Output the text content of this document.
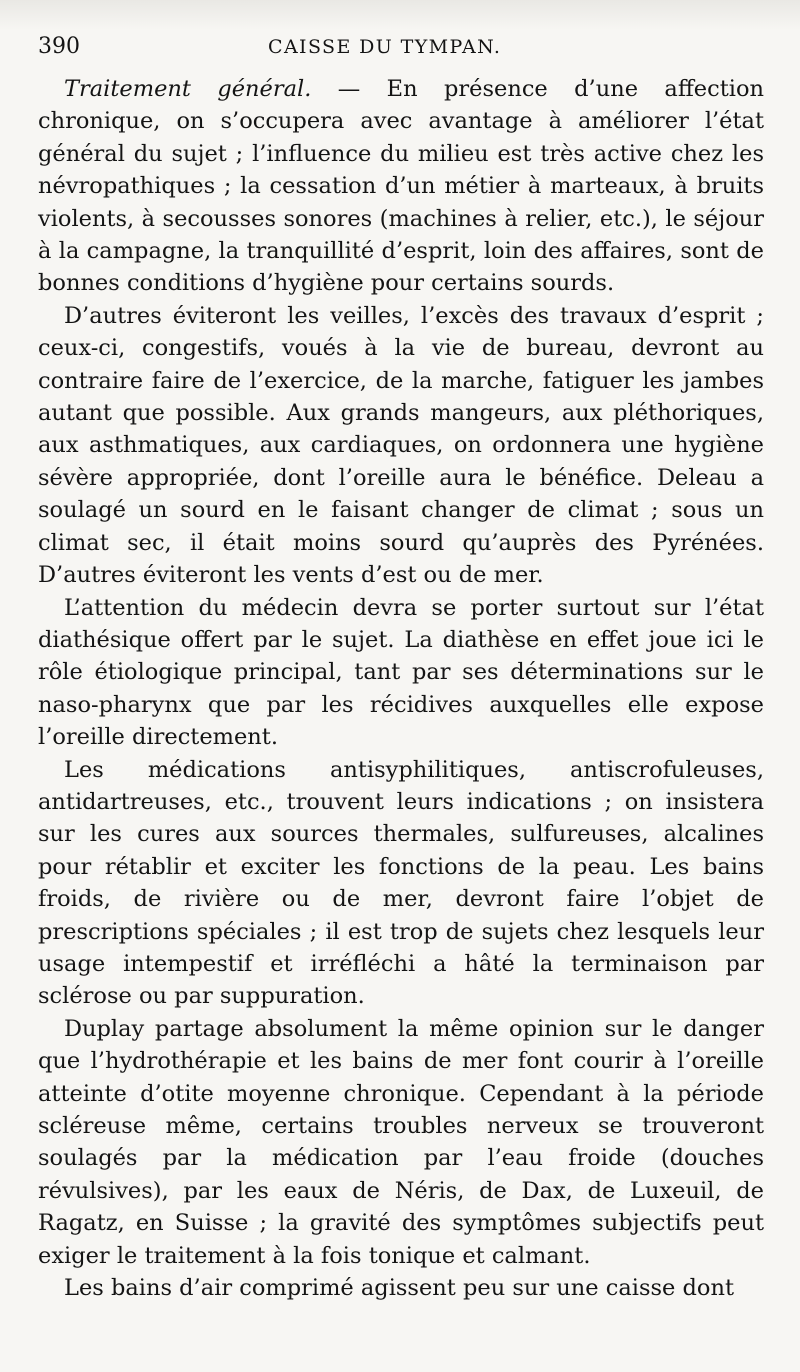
390	CAISSE DU TYMPAN.

Traitement général. — En présence d’une affection chronique, on s’occupera avec avantage à améliorer l’état général du sujet ; l’influence du milieu est très active chez les névropathiques ; la cessation d’un métier à marteaux, à bruits violents, à secousses sonores (machines à relier, etc.), le séjour à la campagne, la tranquillité d’esprit, loin des affaires, sont de bonnes conditions d’hygiène pour certains sourds.

D’autres éviteront les veilles, l’excès des travaux d’esprit ; ceux-ci, congestifs, voués à la vie de bureau, devront au contraire faire de l’exercice, de la marche, fatiguer les jambes autant que possible. Aux grands mangeurs, aux pléthoriques, aux asthmatiques, aux cardiaques, on ordonnera une hygiène sévère appropriée, dont l’oreille aura le bénéfice. Deleau a soulagé un sourd en le faisant changer de climat ; sous un climat sec, il était moins sourd qu’auprès des Pyrénées. D’autres éviteront les vents d’est ou de mer.

L’attention du médecin devra se porter surtout sur l’état diathésique offert par le sujet. La diathèse en effet joue ici le rôle étiologique principal, tant par ses déterminations sur le naso-pharynx que par les récidives auxquelles elle expose l’oreille directement.

Les médications antisyphilitiques, antiscrofuleuses, antidartreuses, etc., trouvent leurs indications ; on insistera sur les cures aux sources thermales, sulfureuses, alcalines pour rétablir et exciter les fonctions de la peau. Les bains froids, de rivière ou de mer, devront faire l’objet de prescriptions spéciales ; il est trop de sujets chez lesquels leur usage intempestif et irréfléchi a hâté la terminaison par sclérose ou par suppuration.

Duplay partage absolument la même opinion sur le danger que l’hydrothérapie et les bains de mer font courir à l’oreille atteinte d’otite moyenne chronique. Cependant à la période scléreuse même, certains troubles nerveux se trouveront soulagés par la médication par l’eau froide (douches révulsives), par les eaux de Néris, de Dax, de Luxeuil, de Ragatz, en Suisse ; la gravité des symptômes subjectifs peut exiger le traitement à la fois tonique et calmant.

Les bains d’air comprimé agissent peu sur une caisse dont
